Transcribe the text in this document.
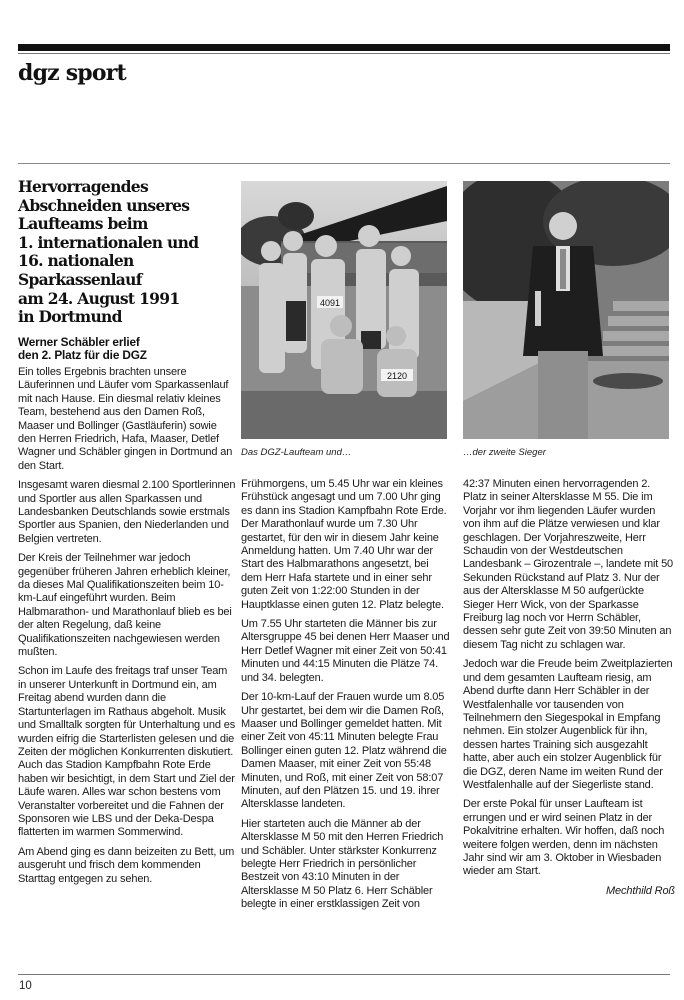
dgz sport
Hervorragendes
Abschneiden unseres
Laufteams beim
1. internationalen und
16. nationalen
Sparkassenlauf
am 24. August 1991
in Dortmund
Werner Schäbler erlief
den 2. Platz für die DGZ

Ein tolles Ergebnis brachten unsere Läuferinnen und Läufer vom Sparkassenlauf mit nach Hause. Ein diesmal relativ kleines Team, bestehend aus den Damen Roß, Maaser und Bollinger (Gastläuferin) sowie den Herren Friedrich, Hafa, Maaser, Detlef Wagner und Schäbler gingen in Dortmund an den Start.

Insgesamt waren diesmal 2.100 Sportlerinnen und Sportler aus allen Sparkassen und Landesbanken Deutschlands sowie erstmals Sportler aus Spanien, den Niederlanden und Belgien vertreten.

Der Kreis der Teilnehmer war jedoch gegenüber früheren Jahren erheblich kleiner, da dieses Mal Qualifikationszeiten beim 10-km-Lauf eingeführt wurden. Beim Halbmarathon- und Marathonlauf blieb es bei der alten Regelung, daß keine Qualifikationszeiten nachgewiesen werden mußten.

Schon im Laufe des freitags traf unser Team in unserer Unterkunft in Dortmund ein, am Freitag abend wurden dann die Startunterlagen im Rathaus abgeholt. Musik und Smalltalk sorgten für Unterhaltung und es wurden eifrig die Starterlisten gelesen und die Zeiten der möglichen Konkurrenten diskutiert. Auch das Stadion Kampfbahn Rote Erde haben wir besichtigt, in dem Start und Ziel der Läufe waren. Alles war schon bestens vom Veranstalter vorbereitet und die Fahnen der Sponsoren wie LBS und der Deka-Despa flatterten im warmen Sommerwind.

Am Abend ging es dann beizeiten zu Bett, um ausgeruht und frisch dem kommenden Starttag entgegen zu sehen.

4091
2120
Das DGZ-Laufteam und…	…der zweite Sieger

Frühmorgens, um 5.45 Uhr war ein kleines Frühstück angesagt und um 7.00 Uhr ging es dann ins Stadion Kampfbahn Rote Erde. Der Marathonlauf wurde um 7.30 Uhr gestartet, für den wir in diesem Jahr keine Anmeldung hatten. Um 7.40 Uhr war der Start des Halbmarathons angesetzt, bei dem Herr Hafa startete und in einer sehr guten Zeit von 1:22:00 Stunden in der Hauptklasse einen guten 12. Platz belegte.

Um 7.55 Uhr starteten die Männer bis zur Altersgruppe 45 bei denen Herr Maaser und Herr Detlef Wagner mit einer Zeit von 50:41 Minuten und 44:15 Minuten die Plätze 74. und 34. belegten.

Der 10-km-Lauf der Frauen wurde um 8.05 Uhr gestartet, bei dem wir die Damen Roß, Maaser und Bollinger gemeldet hatten. Mit einer Zeit von 45:11 Minuten belegte Frau Bollinger einen guten 12. Platz während die Damen Maaser, mit einer Zeit von 55:48 Minuten, und Roß, mit einer Zeit von 58:07 Minuten, auf den Plätzen 15. und 19. ihrer Altersklasse landeten.

Hier starteten auch die Männer ab der Altersklasse M 50 mit den Herren Friedrich und Schäbler. Unter stärkster Konkurrenz belegte Herr Friedrich in persönlicher Bestzeit von 43:10 Minuten in der Altersklasse M 50 Platz 6. Herr Schäbler belegte in einer erstklassigen Zeit von

42:37 Minuten einen hervorragenden 2. Platz in seiner Altersklasse M 55. Die im Vorjahr vor ihm liegenden Läufer wurden von ihm auf die Plätze verwiesen und klar geschlagen. Der Vorjahreszweite, Herr Schaudin von der Westdeutschen Landesbank – Girozentrale –, landete mit 50 Sekunden Rückstand auf Platz 3. Nur der aus der Altersklasse M 50 aufgerückte Sieger Herr Wick, von der Sparkasse Freiburg lag noch vor Herrn Schäbler, dessen sehr gute Zeit von 39:50 Minuten an diesem Tag nicht zu schlagen war.

Jedoch war die Freude beim Zweitplazierten und dem gesamten Laufteam riesig, am Abend durfte dann Herr Schäbler in der Westfalenhalle vor tausenden von Teilnehmern den Siegespokal in Empfang nehmen. Ein stolzer Augenblick für ihn, dessen hartes Training sich ausgezahlt hatte, aber auch ein stolzer Augenblick für die DGZ, deren Name im weiten Rund der Westfalenhalle auf der Siegerliste stand.

Der erste Pokal für unser Laufteam ist errungen und er wird seinen Platz in der Pokalvitrine erhalten. Wir hoffen, daß noch weitere folgen werden, denn im nächsten Jahr sind wir am 3. Oktober in Wiesbaden wieder am Start.

Mechthild Roß

10
